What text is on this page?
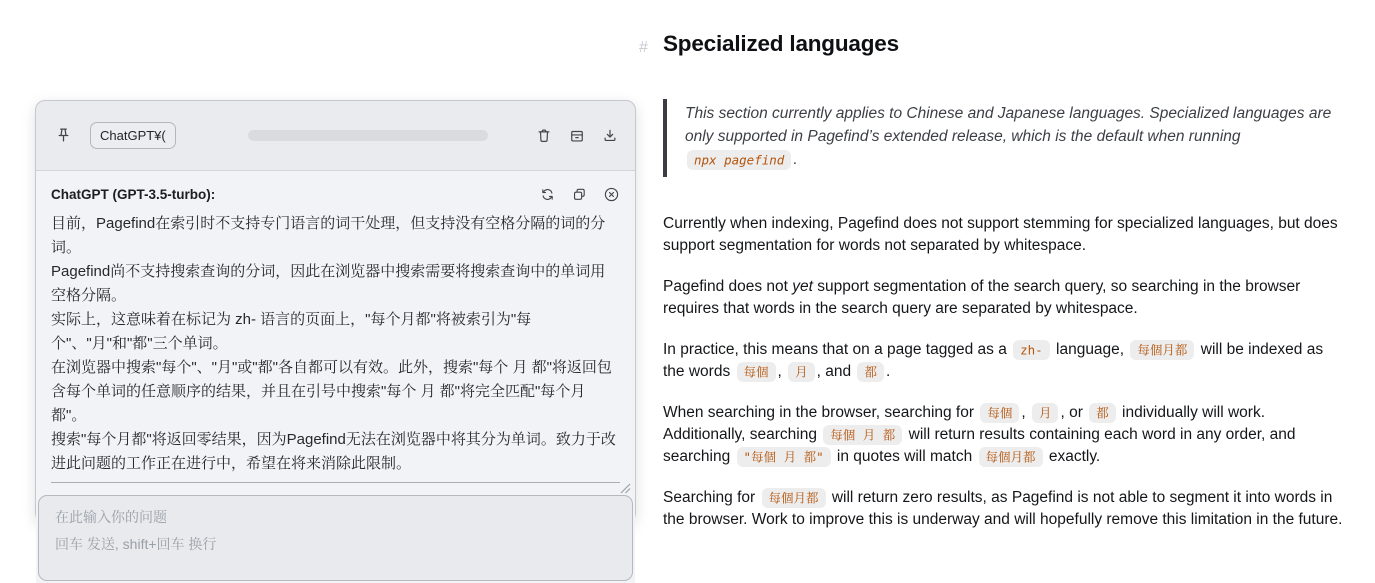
ChatGPT¥(
ChatGPT (GPT-3.5-turbo):
目前，Pagefind在索引时不支持专门语言的词干处理，但支持没有空格分隔的词的分词。
Pagefind尚不支持搜索查询的分词，因此在浏览器中搜索需要将搜索查询中的单词用空格分隔。
实际上，这意味着在标记为 zh- 语言的页面上，"每个月都"将被索引为"每个"、"月"和"都"三个单词。
在浏览器中搜索"每个"、"月"或"都"各自都可以有效。此外，搜索"每个 月 都"将返回包含每个单词的任意顺序的结果，并且在引号中搜索"每个 月 都"将完全匹配"每个月都"。
搜索"每个月都"将返回零结果，因为Pagefind无法在浏览器中将其分为单词。致力于改进此问题的工作正在进行中，希望在将来消除此限制。
在此输入你的问题
回车 发送, shift+回车 换行
# Specialized languages
This section currently applies to Chinese and Japanese languages. Specialized languages are only supported in Pagefind’s extended release, which is the default when running npx pagefind .

Currently when indexing, Pagefind does not support stemming for specialized languages, but does support segmentation for words not separated by whitespace.

Pagefind does not yet support segmentation of the search query, so searching in the browser requires that words in the search query are separated by whitespace.

In practice, this means that on a page tagged as a zh- language, 每個月都 will be indexed as the words 每個 , 月 , and 都 .

When searching in the browser, searching for 每個 , 月 , or 都 individually will work. Additionally, searching 每個 月 都 will return results containing each word in any order, and searching "每個 月 都" in quotes will match 每個月都 exactly.

Searching for 每個月都 will return zero results, as Pagefind is not able to segment it into words in the browser. Work to improve this is underway and will hopefully remove this limitation in the future.
